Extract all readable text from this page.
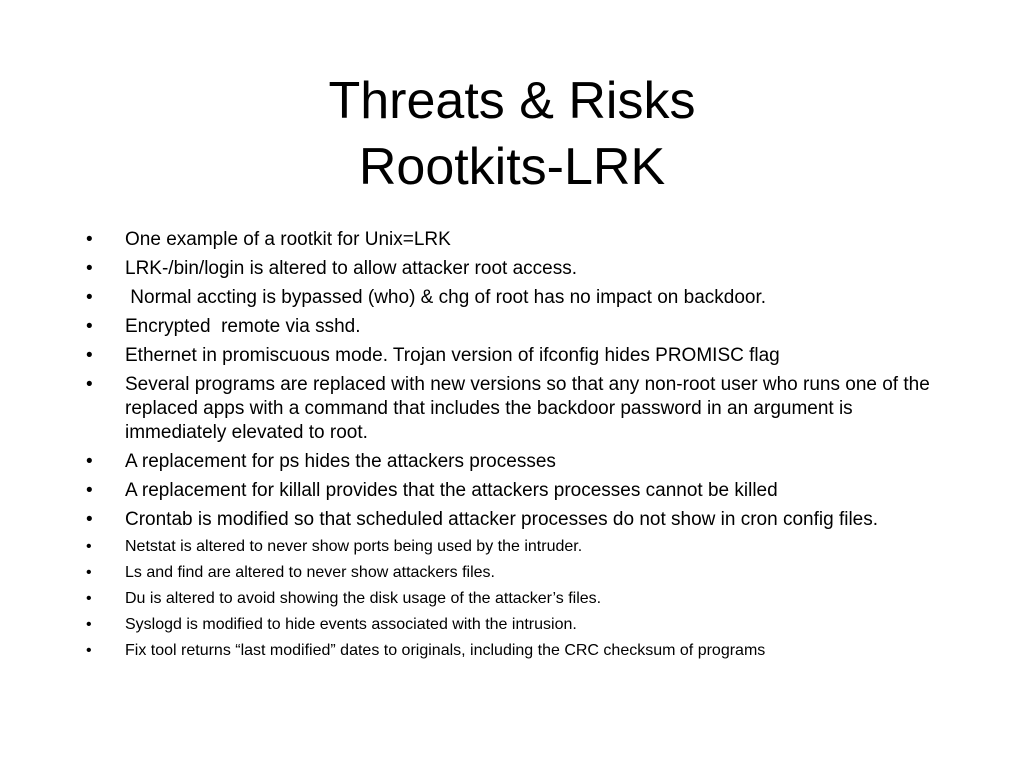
Threats & Risks
Rootkits-LRK
• One example of a rootkit for Unix=LRK
• LRK-/bin/login is altered to allow attacker root access.
• Normal accting is bypassed (who) & chg of root has no impact on backdoor.
• Encrypted  remote via sshd.
• Ethernet in promiscuous mode. Trojan version of ifconfig hides PROMISC flag
• Several programs are replaced with new versions so that any non-root user who runs one of the replaced apps with a command that includes the backdoor password in an argument is immediately elevated to root.
• A replacement for ps hides the attackers processes
• A replacement for killall provides that the attackers processes cannot be killed
• Crontab is modified so that scheduled attacker processes do not show in cron config files.
• Netstat is altered to never show ports being used by the intruder.
• Ls and find are altered to never show attackers files.
• Du is altered to avoid showing the disk usage of the attacker’s files.
• Syslogd is modified to hide events associated with the intrusion.
• Fix tool returns “last modified” dates to originals, including the CRC checksum of programs
